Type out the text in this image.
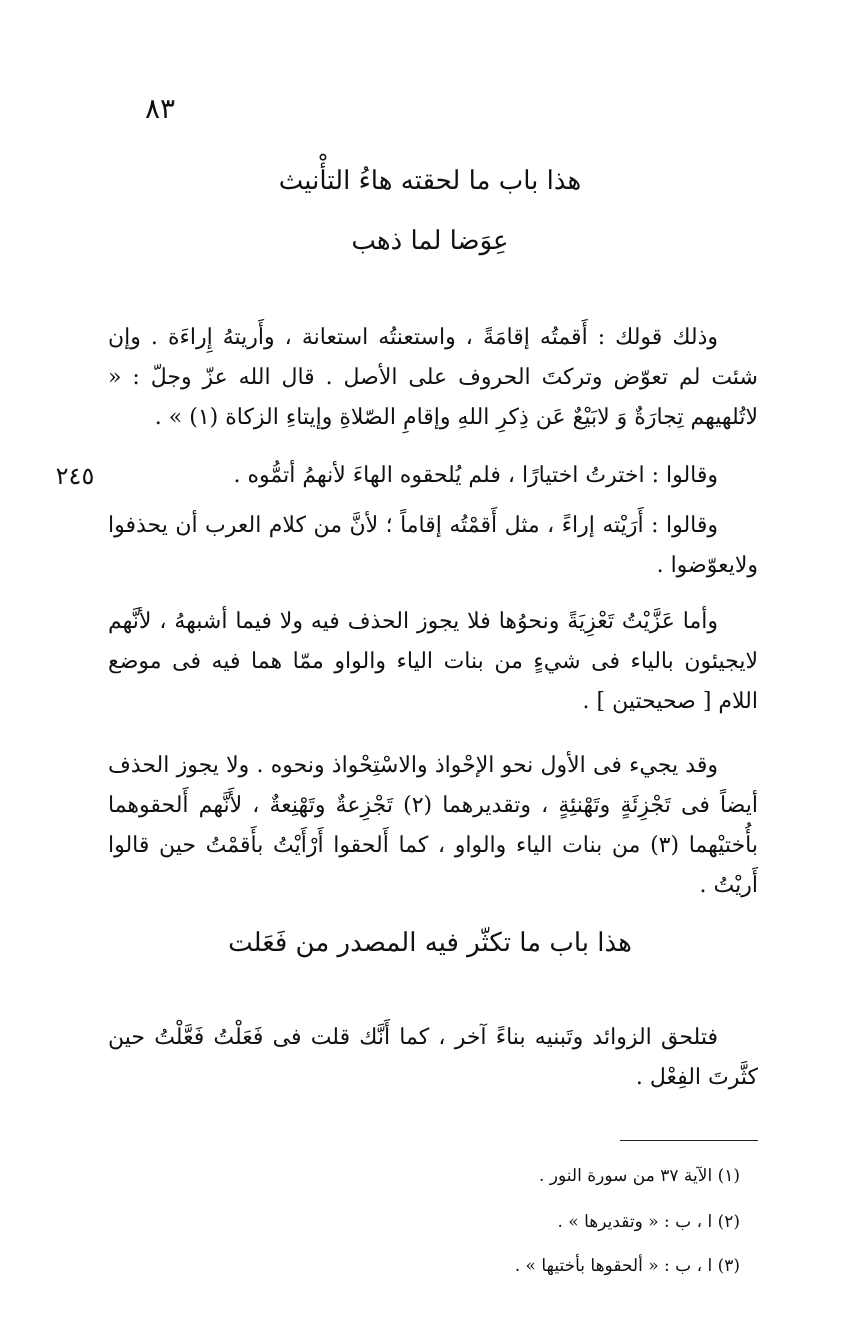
٨٣
٢٤٥
هذا باب ما لحقته هاءُ التأْنيث
عِوَضا لما ذهب

وذلك قولك : أَقمتُه إقامَةً ، واستعنتُه استعانة ، وأَريتهُ إِراءَة . وإن شئت لم تعوّض وتركتَ الحروف على الأصل . قال الله عزّ وجلّ : « لاتُلهيهم تِجارَةٌ وَ لابَيْعٌ عَن ذِكرِ اللهِ وإقامِ الصّلاةِ وإيتاءِ الزكاة (١) » .

وقالوا : اخترتُ اختيارًا ، فلم يُلحقوه الهاءَ لأنهمُ أتمُّوه .

وقالوا : أَرَيْته إراءً ، مثل أَقمْتُه إقاماً ؛ لأنَّ من كلام العرب أن يحذفوا ولايعوّضوا .

وأما عَزَّيْتُ تَعْزِيَةً ونحوُها فلا يجوز الحذف فيه ولا فيما أشبههُ ، لأنَّهم لايجيئون بالياء فى شيءٍ من بنات الياء والواو ممّا هما فيه فى موضع اللام [ صحيحتين ] .

وقد يجيء فى الأول نحو الإحْواذ والاسْتِحْواذ ونحوه . ولا يجوز الحذف أيضاً فى تَجْزِئَةٍ وتَهْنئِةٍ ، وتقديرهما (٢) تَجْزِعةٌ وتَهْنِعةٌ ، لأَنَّهم أَلحقوهما بأُختيْهما (٣) من بنات الياء والواو ، كما أَلحقوا أَرْأَيْتُ بأَقمْتُ حين قالوا أَريْتُ .

هذا باب ما تكثّر فيه المصدر من فَعَلت

فتلحق الزوائد وتَبنيه بناءً آخر ، كما أَنَّك قلت فى فَعَلْتُ فَعَّلْتُ حين كثَّرتَ الفِعْل .

(١) الآية ٣٧ من سورة النور .
(٢) ا ، ب : « وتقديرها » .
(٣) ا ، ب : « ألحقوها بأختيها » .
